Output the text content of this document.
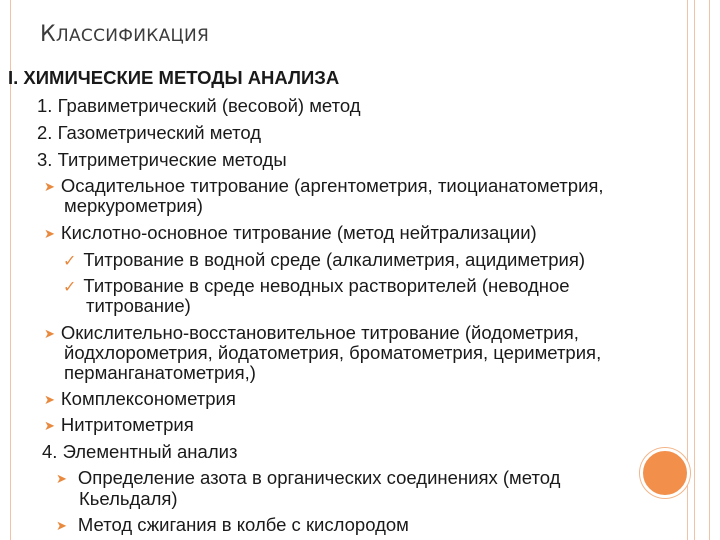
КЛАССИФИКАЦИЯ
I. ХИМИЧЕСКИЕ МЕТОДЫ АНАЛИЗА
1. Гравиметрический (весовой) метод
2. Газометрический метод
3. Титриметрические методы
➤ Осадительное титрование (аргентометрия, тиоцианатометрия,
меркурометрия)
➤ Кислотно-основное титрование (метод нейтрализации)
✓ Титрование в водной среде (алкалиметрия, ацидиметрия)
✓ Титрование в среде неводных растворителей (неводное
титрование)
➤ Окислительно-восстановительное титрование (йодометрия,
йодхлорометрия, йодатометрия, броматометрия, цериметрия,
перманганатометрия,)
➤ Комплексонометрия
➤ Нитритометрия
4. Элементный анализ
➤ Определение азота в органических соединениях (метод
Кьельдаля)
➤ Метод сжигания в колбе с кислородом
